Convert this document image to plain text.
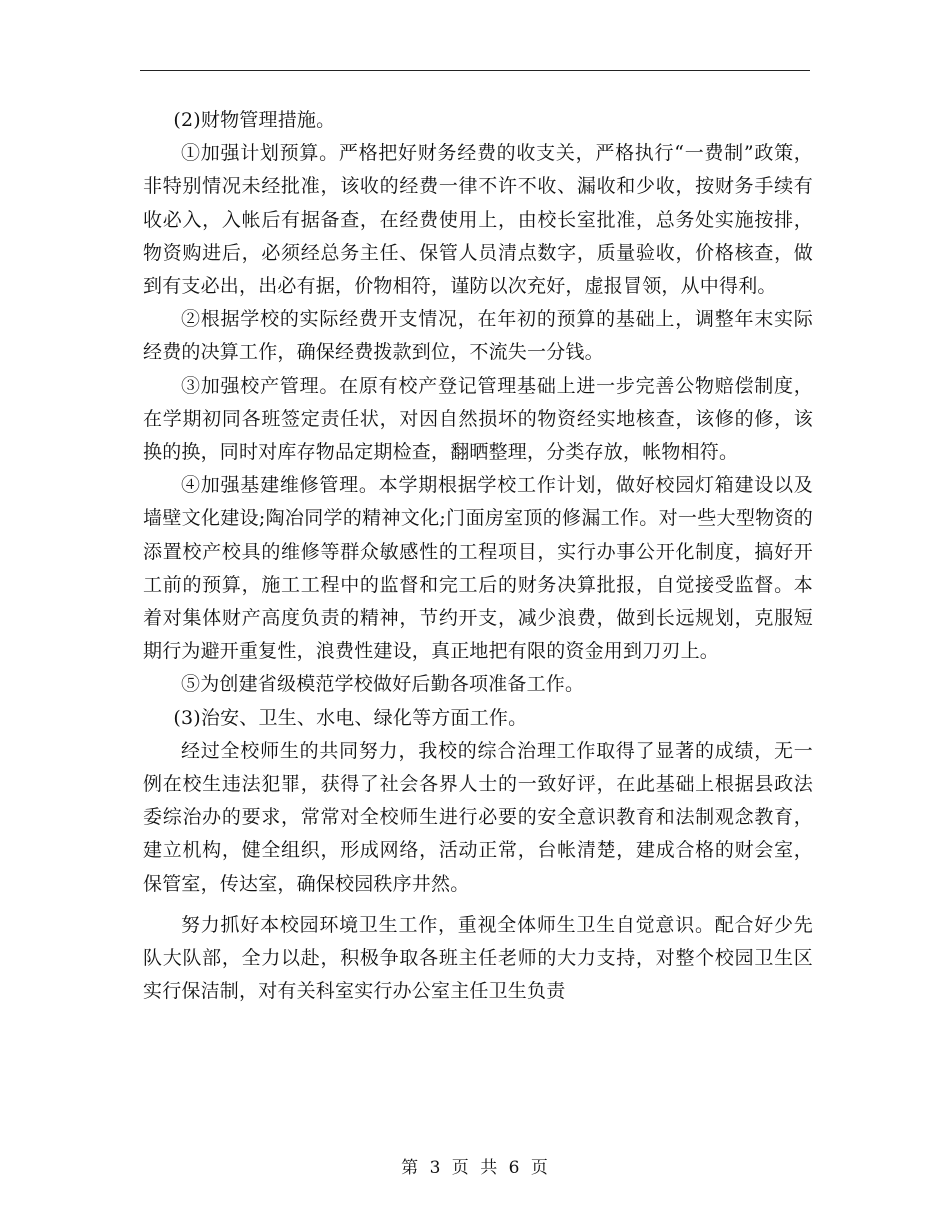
(2)财物管理措施。

①加强计划预算。严格把好财务经费的收支关，严格执行“一费制”政策，非特别情况未经批准，该收的经费一律不许不收、漏收和少收，按财务手续有收必入，入帐后有据备查，在经费使用上，由校长室批准，总务处实施按排，物资购进后，必须经总务主任、保管人员清点数字，质量验收，价格核查，做到有支必出，出必有据，价物相符，谨防以次充好，虚报冒领，从中得利。

②根据学校的实际经费开支情况，在年初的预算的基础上，调整年末实际经费的决算工作，确保经费拨款到位，不流失一分钱。

③加强校产管理。在原有校产登记管理基础上进一步完善公物赔偿制度，在学期初同各班签定责任状，对因自然损坏的物资经实地核查，该修的修，该换的换，同时对库存物品定期检查，翻晒整理，分类存放，帐物相符。

④加强基建维修管理。本学期根据学校工作计划，做好校园灯箱建设以及墙壁文化建设;陶冶同学的精神文化;门面房室顶的修漏工作。对一些大型物资的添置校产校具的维修等群众敏感性的工程项目，实行办事公开化制度，搞好开工前的预算，施工工程中的监督和完工后的财务决算批报，自觉接受监督。本着对集体财产高度负责的精神，节约开支，减少浪费，做到长远规划，克服短期行为避开重复性，浪费性建设，真正地把有限的资金用到刀刃上。

⑤为创建省级模范学校做好后勤各项准备工作。

(3)治安、卫生、水电、绿化等方面工作。

经过全校师生的共同努力，我校的综合治理工作取得了显著的成绩，无一例在校生违法犯罪，获得了社会各界人士的一致好评，在此基础上根据县政法委综治办的要求，常常对全校师生进行必要的安全意识教育和法制观念教育，建立机构，健全组织，形成网络，活动正常，台帐清楚，建成合格的财会室，保管室，传达室，确保校园秩序井然。

努力抓好本校园环境卫生工作，重视全体师生卫生自觉意识。配合好少先队大队部，全力以赴，积极争取各班主任老师的大力支持，对整个校园卫生区实行保洁制，对有关科室实行办公室主任卫生负责

第 3 页 共 6 页
